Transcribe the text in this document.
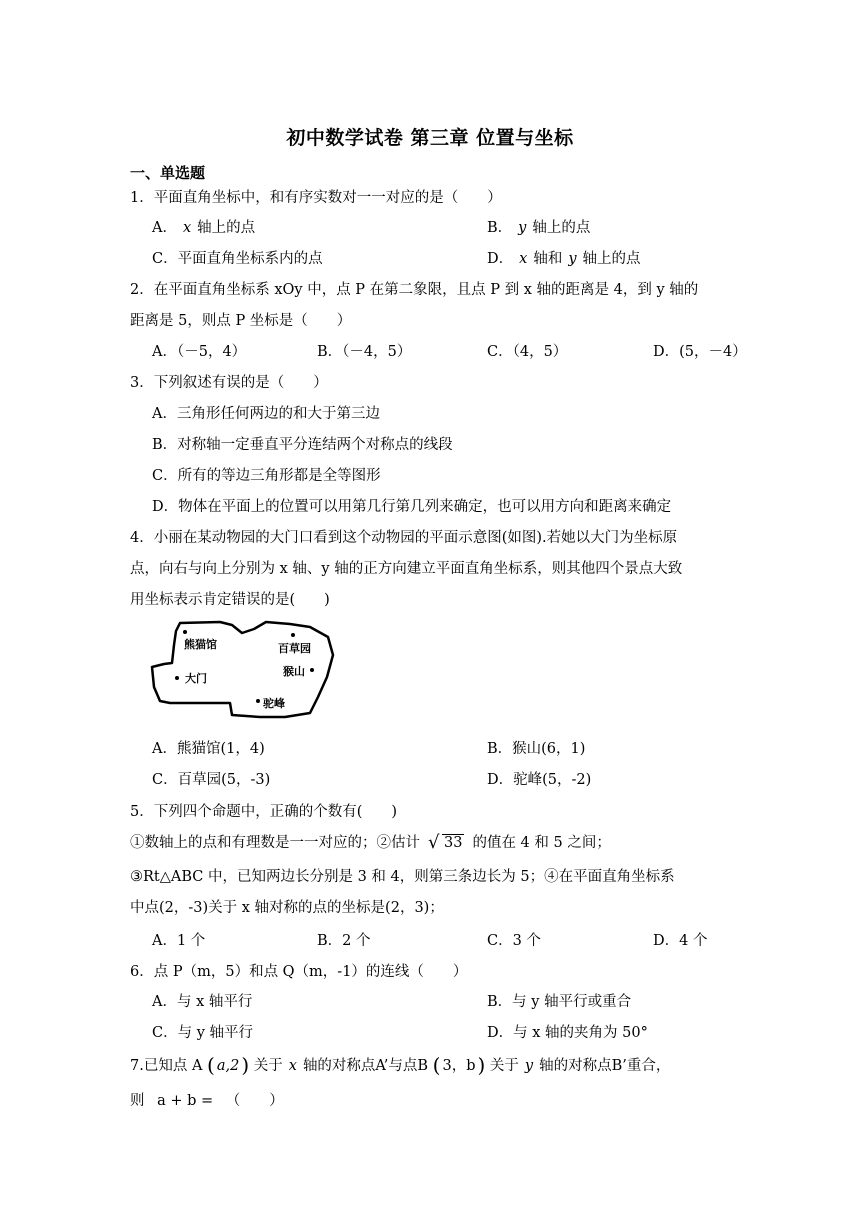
初中数学试卷 第三章 位置与坐标
一、单选题
1．平面直角坐标中，和有序实数对一一对应的是（　　）
A． x 轴上的点	B． y 轴上的点
C．平面直角坐标系内的点	D． x 轴和 y 轴上的点
2．在平面直角坐标系 xOy 中，点 P 在第二象限，且点 P 到 x 轴的距离是 4，到 y 轴的
距离是 5，则点 P 坐标是（　　）
A．（－5，4）	B．（－4，5）	C．（4，5）	D．(5，－4）
3．下列叙述有误的是（　　）
A．三角形任何两边的和大于第三边
B．对称轴一定垂直平分连结两个对称点的线段
C．所有的等边三角形都是全等图形
D．物体在平面上的位置可以用第几行第几列来确定，也可以用方向和距离来确定
4．小丽在某动物园的大门口看到这个动物园的平面示意图(如图).若她以大门为坐标原
点，向右与向上分别为 x 轴、y 轴的正方向建立平面直角坐标系，则其他四个景点大致
用坐标表示肯定错误的是(　　)
熊猫馆	百草园
大门
猴山
驼峰
A．熊猫馆(1，4)	B．猴山(6，1)
C．百草园(5，-3)	D．驼峰(5，-2)
5．下列四个命题中，正确的个数有(　　)
①数轴上的点和有理数是一一对应的；②估计 √ 33 的值在 4 和 5 之间；
③Rt△ABC 中，已知两边长分别是 3 和 4，则第三条边长为 5；④在平面直角坐标系
中点(2，-3)关于 x 轴对称的点的坐标是(2，3)；
A．1 个	B．2 个	C．3 个	D．4 个
6．点 P（m，5）和点 Q（m，-1）的连线（　　）
A．与 x 轴平行	B．与 y 轴平行或重合
C．与 y 轴平行	D．与 x 轴的夹角为 50°
7.已知点 A ( a,2 ) 关于 x 轴的对称点A’与点B ( 3，b ) 关于 y 轴的对称点B’重合，
则 a + b = （　　）
